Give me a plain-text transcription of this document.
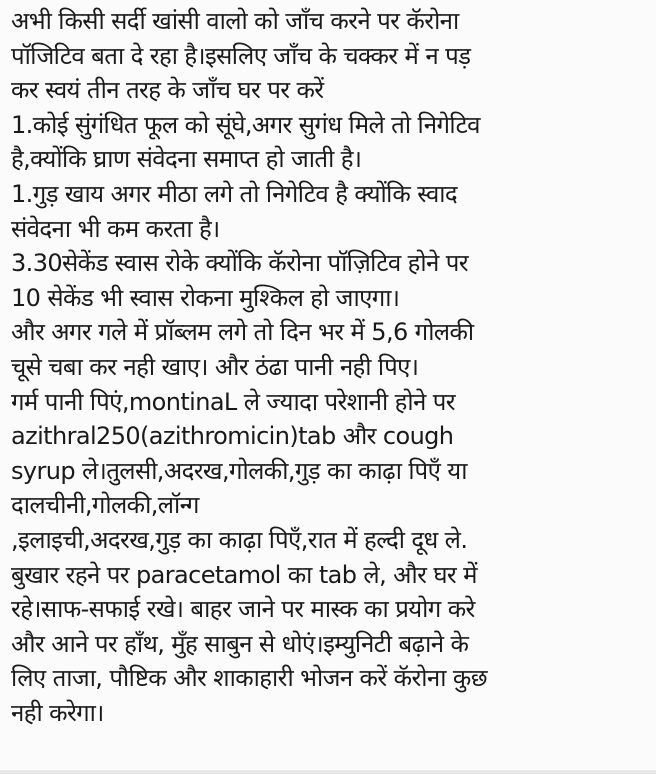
अभी किसी सर्दी खांसी वालो को जाँच करने पर कॅरोना
पॉजिटिव बता दे रहा है।इसलिए जाँच के चक्कर में न पड़
कर स्वयं तीन तरह के जाँच घर पर करें
1.कोई सुंगंधित फूल को सूंघे,अगर सुगंध मिले तो निगेटिव
है,क्योंकि घ्राण संवेदना समाप्त हो जाती है।
1.गुड़ खाय अगर मीठा लगे तो निगेटिव है क्योंकि स्वाद
संवेदना भी कम करता है।
3.30सेकेंड स्वास रोके क्योंकि कॅरोना पॉज़िटिव होने पर
10 सेकेंड भी स्वास रोकना मुश्किल हो जाएगा।
और अगर गले में प्रॉब्लम लगे तो दिन भर में 5,6 गोलकी
चूसे चबा कर नही खाए। और ठंढा पानी नही पिए।
गर्म पानी पिएं,montinaL ले ज्यादा परेशानी होने पर
azithral250(azithromicin)tab और cough
syrup ले।तुलसी,अदरख,गोलकी,गुड़ का काढ़ा पिएँ या
दालचीनी,गोलकी,लॉन्ग
,इलाइची,अदरख,गुड़ का काढ़ा पिएँ,रात में हल्दी दूध ले.
बुखार रहने पर paracetamol का tab ले, और घर में
रहे।साफ-सफाई रखे। बाहर जाने पर मास्क का प्रयोग करे
और आने पर हाँथ, मुँह साबुन से धोएं।इम्युनिटी बढ़ाने के
लिए ताजा, पौष्टिक और शाकाहारी भोजन करें कॅरोना कुछ
नही करेगा।
